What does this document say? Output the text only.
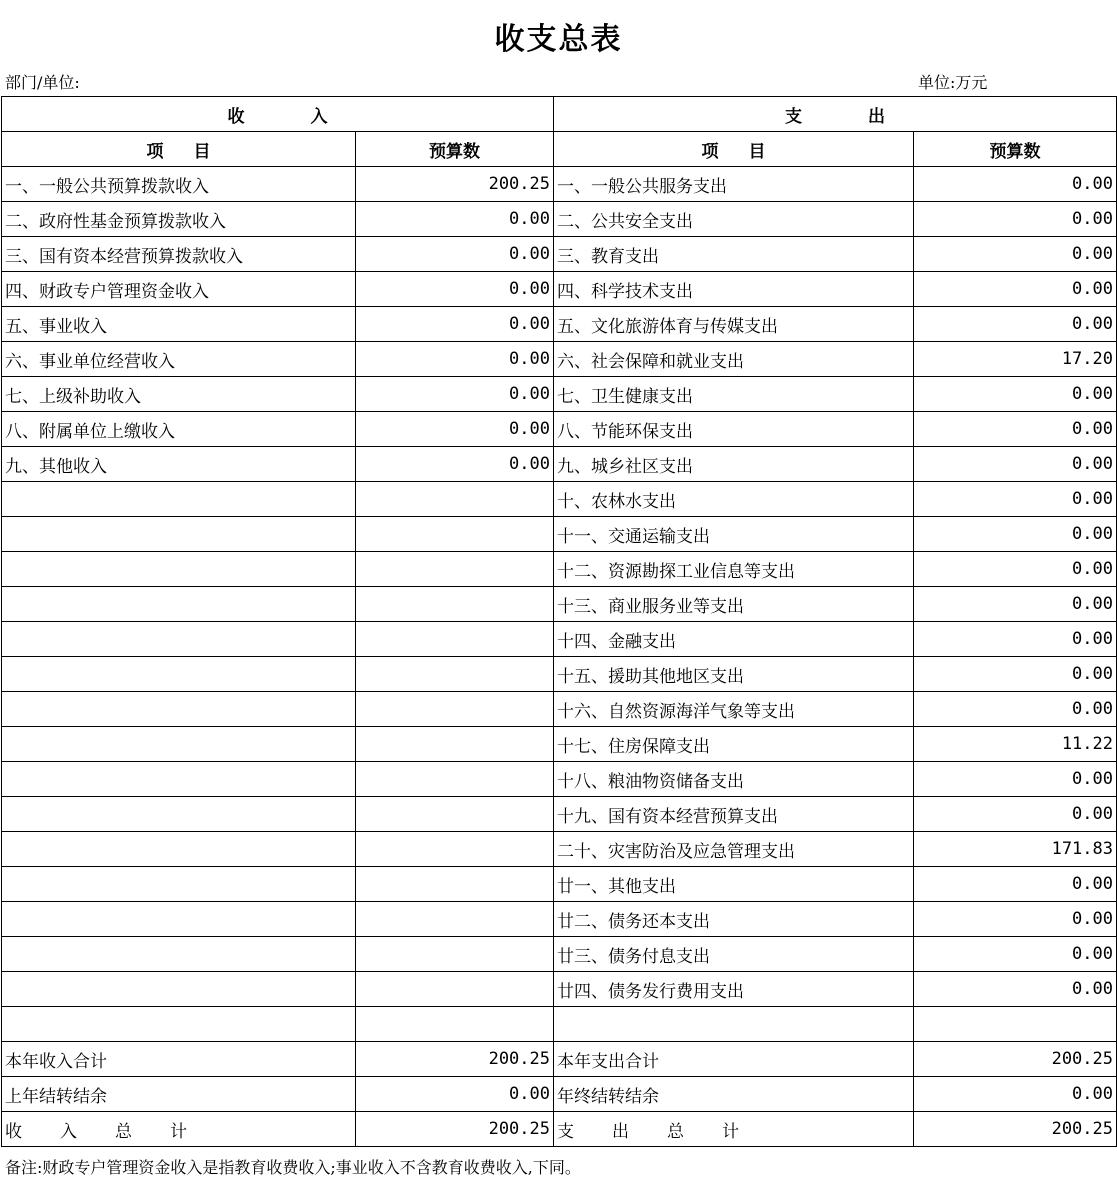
收支总表
部门/单位:	单位:万元
收 入		支 出	

项 目	预算数	项 目	预算数
一、一般公共预算拨款收入	200.25	一、一般公共服务支出	0.00
二、政府性基金预算拨款收入	0.00	二、公共安全支出	0.00
三、国有资本经营预算拨款收入	0.00	三、教育支出	0.00
四、财政专户管理资金收入	0.00	四、科学技术支出	0.00
五、事业收入	0.00	五、文化旅游体育与传媒支出	0.00
六、事业单位经营收入	0.00	六、社会保障和就业支出	17.20
七、上级补助收入	0.00	七、卫生健康支出	0.00
八、附属单位上缴收入	0.00	八、节能环保支出	0.00
九、其他收入	0.00	九、城乡社区支出	0.00
		十、农林水支出	0.00
		十一、交通运输支出	0.00
		十二、资源勘探工业信息等支出	0.00
		十三、商业服务业等支出	0.00
		十四、金融支出	0.00
		十五、援助其他地区支出	0.00
		十六、自然资源海洋气象等支出	0.00
		十七、住房保障支出	11.22
		十八、粮油物资储备支出	0.00
		十九、国有资本经营预算支出	0.00
		二十、灾害防治及应急管理支出	171.83
		廿一、其他支出	0.00
		廿二、债务还本支出	0.00
		廿三、债务付息支出	0.00
		廿四、债务发行费用支出	0.00

本年收入合计	200.25	本年支出合计	200.25
上年结转结余	0.00	年终结转结余	0.00

收 入 总 计	200.25	支 出 总 计	200.25
备注:财政专户管理资金收入是指教育收费收入;事业收入不含教育收费收入,下同。
